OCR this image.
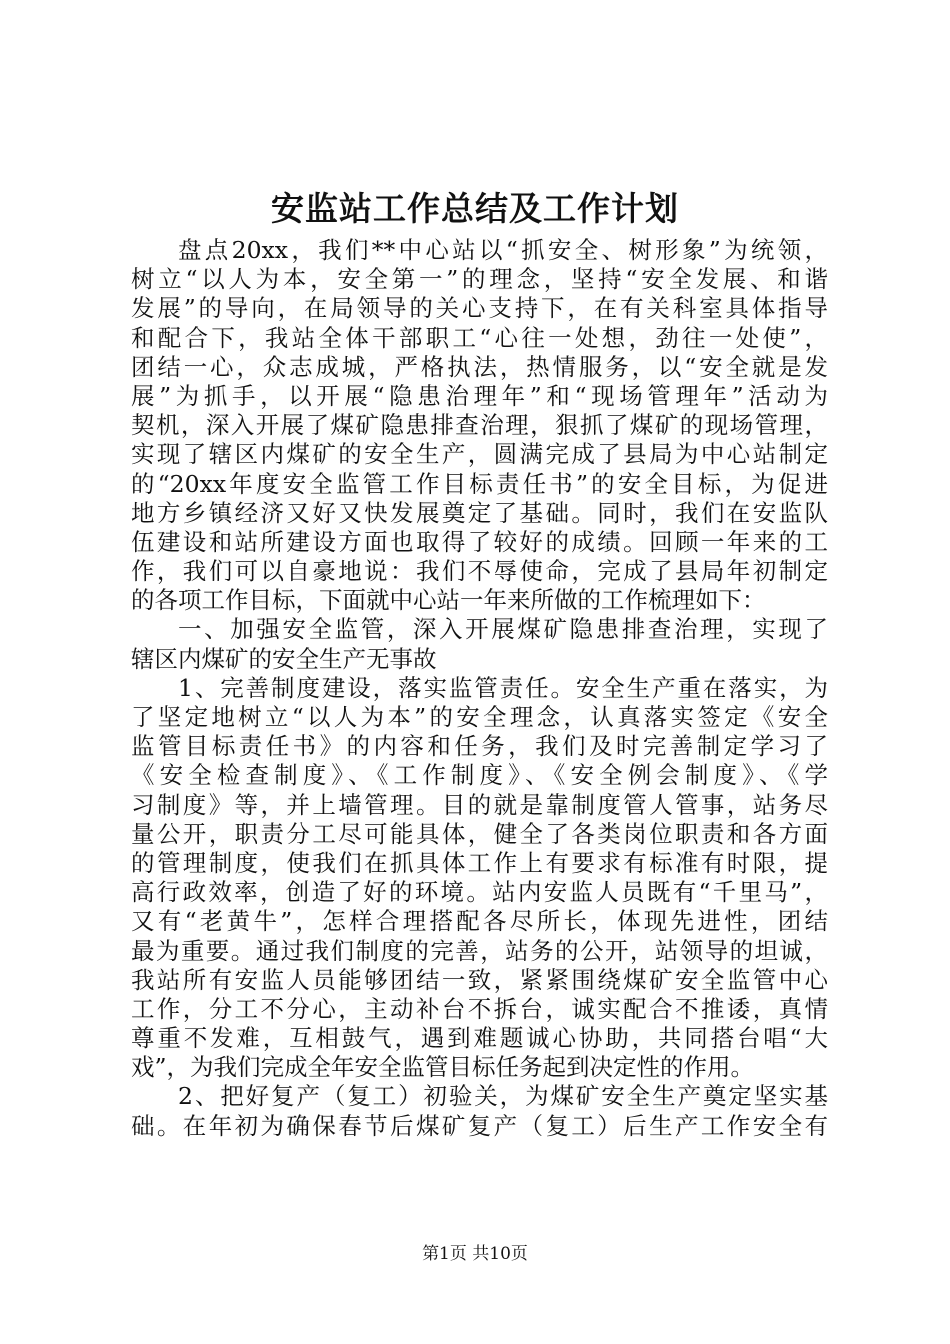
安监站工作总结及工作计划
盘点20xx，我们**中心站以“抓安全、树形象”为统领，
树立“以人为本，安全第一”的理念，坚持“安全发展、和谐
发展”的导向，在局领导的关心支持下，在有关科室具体指导
和配合下，我站全体干部职工“心往一处想，劲往一处使”，
团结一心，众志成城，严格执法，热情服务，以“安全就是发
展”为抓手，以开展“隐患治理年”和“现场管理年”活动为
契机，深入开展了煤矿隐患排查治理，狠抓了煤矿的现场管理，
实现了辖区内煤矿的安全生产，圆满完成了县局为中心站制定
的“20xx年度安全监管工作目标责任书”的安全目标，为促进
地方乡镇经济又好又快发展奠定了基础。同时，我们在安监队
伍建设和站所建设方面也取得了较好的成绩。回顾一年来的工
作，我们可以自豪地说：我们不辱使命，完成了县局年初制定
的各项工作目标，下面就中心站一年来所做的工作梳理如下：
一、加强安全监管，深入开展煤矿隐患排查治理，实现了
辖区内煤矿的安全生产无事故
1、完善制度建设，落实监管责任。安全生产重在落实，为
了坚定地树立“以人为本”的安全理念，认真落实签定《安全
监管目标责任书》的内容和任务，我们及时完善制定学习了
《安全检查制度》、《工作制度》、《安全例会制度》、《学
习制度》等，并上墙管理。目的就是靠制度管人管事，站务尽
量公开，职责分工尽可能具体，健全了各类岗位职责和各方面
的管理制度，使我们在抓具体工作上有要求有标准有时限，提
高行政效率，创造了好的环境。站内安监人员既有“千里马”，
又有“老黄牛”，怎样合理搭配各尽所长，体现先进性，团结
最为重要。通过我们制度的完善，站务的公开，站领导的坦诚，
我站所有安监人员能够团结一致，紧紧围绕煤矿安全监管中心
工作，分工不分心，主动补台不拆台，诚实配合不推诿，真情
尊重不发难，互相鼓气，遇到难题诚心协助，共同搭台唱“大
戏”，为我们完成全年安全监管目标任务起到决定性的作用。
2、把好复产（复工）初验关，为煤矿安全生产奠定坚实基
础。在年初为确保春节后煤矿复产（复工）后生产工作安全有
第1页 共10页
